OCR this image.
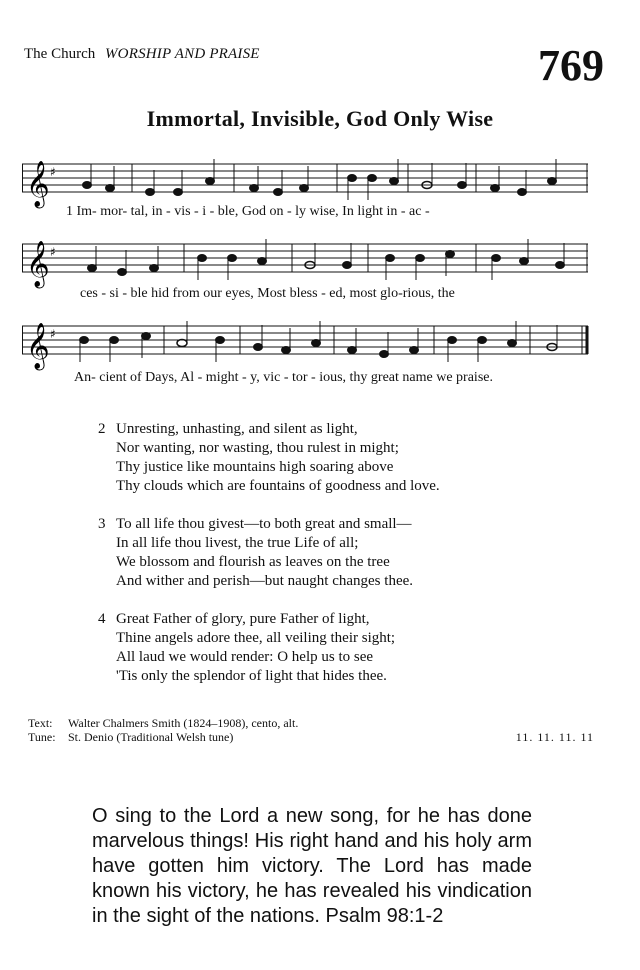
The Church WORSHIP AND PRAISE	769
Immortal, Invisible, God Only Wise
𝄞 ♯
1 Im- mor- tal, in - vis - i - ble, God on - ly wise, In light in - ac -
𝄞 ♯
ces - si - ble hid from our eyes, Most bless - ed, most glo-rious, the
𝄞 ♯
An- cient of Days, Al - might - y, vic - tor - ious, thy great name we praise.
2 Unresting, unhasting, and silent as light,
Nor wanting, nor wasting, thou rulest in might;
Thy justice like mountains high soaring above
Thy clouds which are fountains of goodness and love.
3 To all life thou givest—to both great and small—
In all life thou livest, the true Life of all;
We blossom and flourish as leaves on the tree
And wither and perish—but naught changes thee.
4 Great Father of glory, pure Father of light,
Thine angels adore thee, all veiling their sight;
All laud we would render: O help us to see
'Tis only the splendor of light that hides thee.
Text: Walter Chalmers Smith (1824–1908), cento, alt.
Tune: St. Denio (Traditional Welsh tune)	11. 11. 11. 11
O sing to the Lord a new song, for he has done marvelous things! His right hand and his holy arm have gotten him victory. The Lord has made known his victory, he has revealed his vindication in the sight of the nations. Psalm 98:1-2
